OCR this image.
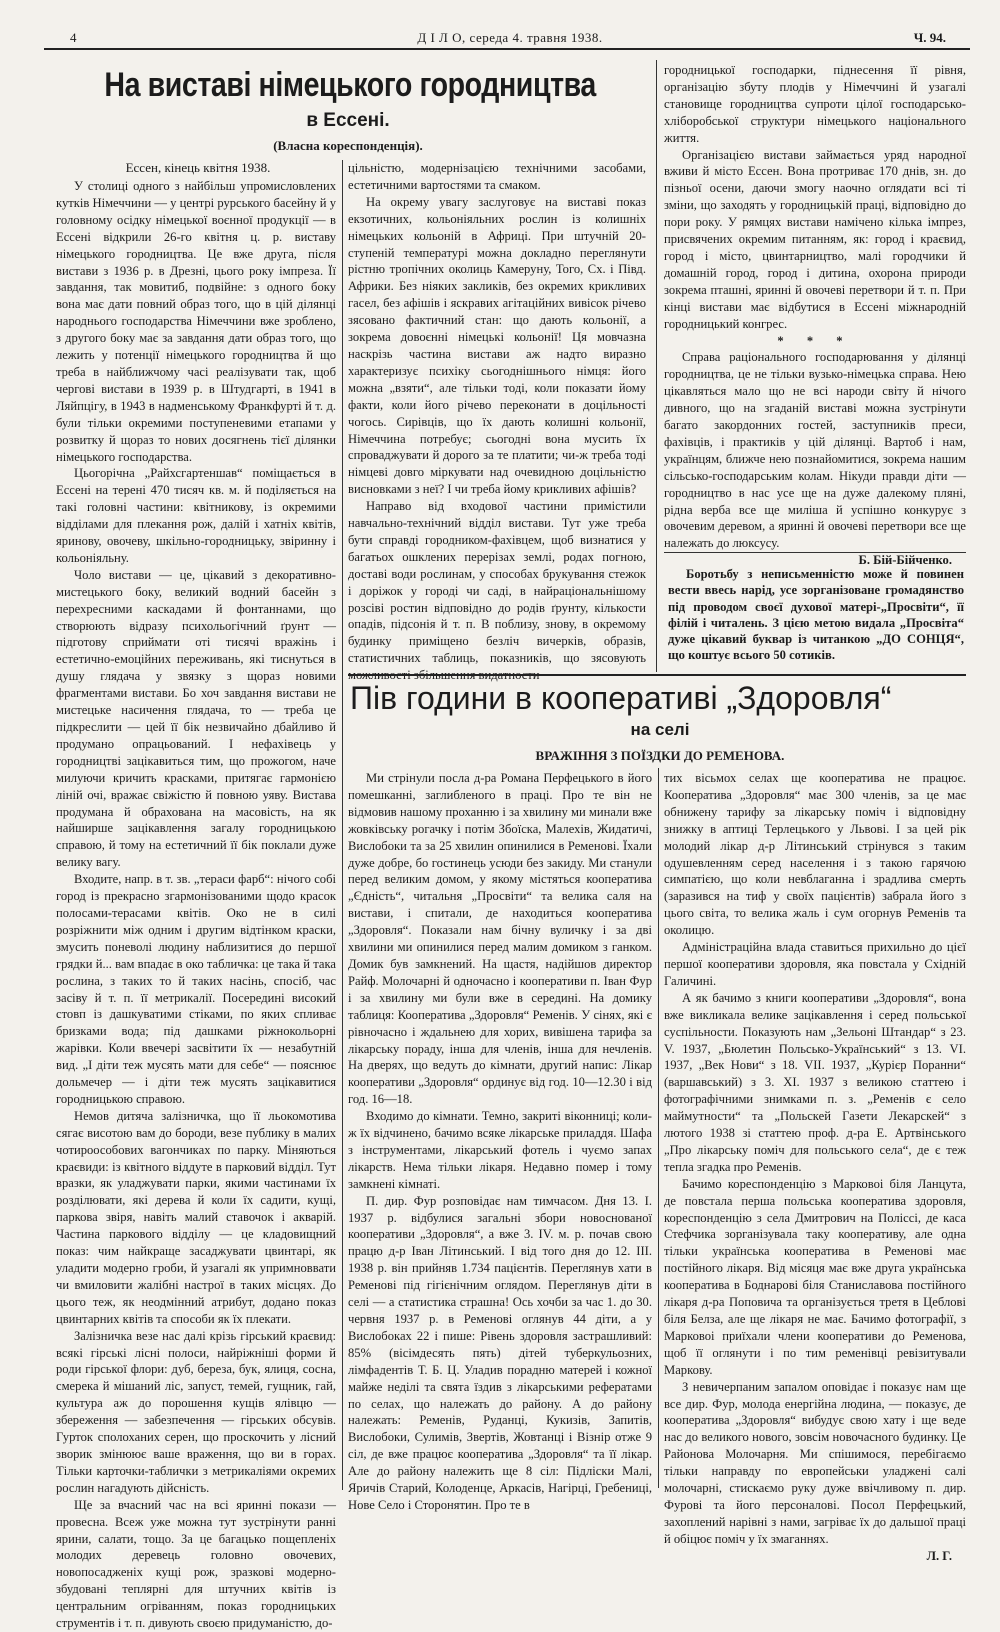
4	Д І Л О, середа 4. травня 1938.	Ч. 94.
На виставі німецького городництва
в Ессені.
(Власна кореспонденція).
Ессен, кінець квітня 1938.

У столиці одного з найбільш упромисловлених кутків Німеччини — у центрі рурського басейну й у головному осідку німецької воєнної продукції — в Ессені відкрили 26-го квітня ц. р. виставу німецького городництва. Це вже друга, після вистави з 1936 р. в Дрезні, цього року імпреза. Її завдання, так мовитиб, подвійне: з одного боку вона має дати повний образ того, що в цій ділянці народнього господарства Німеччини вже зроблено, з другого боку має за завдання дати образ того, що лежить у потенції німецького городництва й що треба в найближчому часі реалізувати так, щоб чергові вистави в 1939 р. в Штудгарті, в 1941 в Ляйпцігу, в 1943 в надменському Франкфурті й т. д. були тільки окремими поступеневими етапами у розвитку й щораз то нових досягнень тієї ділянки німецького господарства.

Цьогорічна „Райхсгартеншав“ поміщається в Ессені на терені 470 тисяч кв. м. й поділяється на такі головні частини: квітникову, із окремими відділами для плекання рож, далій і хатніх квітів, яринову, овочеву, шкільно-городницьку, звіринну і кольоніяльну.

Чоло вистави — це, цікавий з декоративно-мистецького боку, великий водний басейн з перехресними каскадами й фонтаннами, що створюють відразу психольогічний ґрунт — підготову сприймати оті тисячі вражінь і естетично-емоційних переживань, які тиснуться в душу глядача у звязку з щораз новими фрагментами вистави. Бо хоч завдання вистави не мистецьке насичення глядача, то — треба це підкреслити — цей її бік незвичайно дбайливо й продумано опрацьований. І нефахівець у городництві зацікавиться тим, що прожогом, наче милуючи кричить красками, притягає гармонією ліній очі, вражає свіжістю й повною уяву. Вистава продумана й обрахована на масовість, на як найширше зацікавлення загалу городницькою справою, й тому на естетичний її бік поклали дуже велику вагу.

Входите, напр. в т. зв. „тераси фарб“: нічого собі город із прекрасно згармонізованими щодо красок полосами-терасами квітів. Око не в силі розріжнити між одним і другим відтінком краски, змусить поневолі людину наблизитися до першої грядки й... вам впадає в око табличка: це така й така рослина, з таких то й таких насінь, спосіб, час засіву й т. п. її метрикалії. Посередині високий стовп із дашкуватими стіками, по яких спливає бризками вода; під дашками ріжнокольорні жарівки. Коли ввечері засвітити їх — незабутній вид. „І діти теж мусять мати для себе“ — пояснює дольмечер — і діти теж мусять зацікавитися городницькою справою.

Немов дитяча залізничка, що її льокомотива сягає висотою вам до бороди, везе публику в малих чотироособових вагончиках по парку. Міняються краєвиди: із квітного віддуте в парковий відділ. Тут вразки, як уладжувати парки, якими частинами їх розділювати, які дерева й коли їх садити, кущі, паркова звіря, навіть малий ставочок і акварій. Частина паркового відділу — це кладовищний показ: чим найкраще засаджувати цвинтарі, як уладити модерно гроби, й узагалі як упримноввати чи вмиловити жалібні настрої в таких місцях. До цього теж, як неодмінний атрибут, додано показ цвинтарних квітів та способи як їх плекати.

Залізничка везе нас далі крізь гірський краєвид: всякі гірські лісні полоси, найріжніші форми й роди гірської флори: дуб, береза, бук, ялиця, сосна, смерека й мішаний ліс, запуст, темей, гущник, гай, культура аж до порошення кущів ялівцю — збереження — забезпечення — гірських обсувів. Гурток сполоханих серен, що проскочить у лісний зворик змінюює ваше враження, що ви в горах. Тільки карточки-таблички з метрикаліями окремих рослин нагадують дійсність.

Ще за вчасний час на всі яринні покази — провесна. Всеж уже можна тут зустрінути ранні ярини, салати, тощо. За це багацько пощепленіх молодих деревець головно овочевих, новопосадженіх кущі рож, зразкові модерно-збудовані теплярні для штучних квітів із центральним огріванням, показ городницьких струментів і т. п. дивують своєю придуманістю, до-

цільністю, модернізацією технічними засобами, естетичними вартостями та смаком.

На окрему увагу заслуговує на виставі показ екзотичних, кольоніяльних рослин із колишніх німецьких кольоній в Африці. При штучній 20-ступеній температурі можна докладно переглянути рістню тропічних околиць Камеруну, Того, Сх. і Півд. Африки. Без ніяких закликів, без окремих крикливих гасел, без афішів і яскравих агітаційних вивісок річево зясовано фактичний стан: що дають кольонії, а зокрема довоєнні німецькі кольонії! Ця мовчазна наскрізь частина вистави аж надто виразно характеризує психіку сьогоднішнього німця: його можна „взяти“, але тільки тоді, коли показати йому факти, коли його річево переконати в доцільності чогось. Сирівців, що їх дають колишні кольонії, Німеччина потребує; сьогодні вона мусить їх спроваджувати й дорого за те платити; чи-ж треба тоді німцеві довго міркувати над очевидною доцільністю висновками з неї? І чи треба йому крикливих афішів?

Направо від входової частини примістили навчально-технічний відділ вистави. Тут уже треба бути справді городником-фахівцем, щоб визнатися у багатьох ошклених перерізах землі, родах погною, доставі води рослинам, у способах брукування стежок і доріжок у городі чи саді, в найраціональнішому розсіві ростин відповідно до родів ґрунту, кількости опадів, підсонія й т. п. В поблизу, знову, в окремому будинку приміщено безліч вичерків, образів, статистичних таблиць, показників, що зясовують можливості збільшення видатности

городницької господарки, піднесення її рівня, організацію збуту плодів у Німеччині й узагалі становище городництва супроти цілої господарсько-хліборобської структури німецького національного життя.

Організацією вистави займається уряд народної вживи й місто Ессен. Вона протриває 170 днів, зн. до пізньої осени, даючи змогу наочно оглядати всі ті зміни, що заходять у городницькій праці, відповідно до пори року. У рямцях вистави намічено кілька імпрез, присвячених окремим питанням, як: город і краєвид, город і місто, цвинтарництво, малі городчики й домашній город, город і дитина, охорона природи зокрема пташні, яринні й овочеві перетвори й т. п. При кінці вистави має відбутися в Ессені міжнародній городницький конгрес.

* * *

Справа раціонального господарювання у ділянці городництва, це не тільки вузько-німецька справа. Нею цікавляться мало що не всі народи світу й нічого дивного, що на згаданій виставі можна зустрінути багато закордонних гостей, заступників преси, фахівців, і практиків у цій ділянці. Вартоб і нам, українцям, ближче нею познайомитися, зокрема нашим сільсько-господарським колам. Нікуди правди діти — городництво в нас усе ще на дуже далекому пляні, рідна верба все ще миліша й успішно конкурує з овочевим деревом, а яринні й овочеві перетвори все ще належать до люксусу.

Б. Бій-Бійченко.

Боротьбу з неписьменністю може й повинен вести ввесь нарід, усе зорганізоване громадянство під проводом своєї духової матері-„Просвіти“, її філій і читалень. З цією метою видала „Просвіта“ дуже цікавий буквар із читанкою „ДО СОНЦЯ“, що коштує всього 50 сотиків.

Пів години в кооперативі „Здоровля“
на селі
ВРАЖІННЯ З ПОЇЗДКИ ДО РЕМЕНОВА.

Ми стрінули посла д-ра Романа Перфецького в його помешканні, заглибленого в праці. Про те він не відмовив нашому проханню і за хвилину ми минали вже жовківську рогачку і потім Збоїска, Малехів, Жидатичі, Вислобоки та за 25 хвилин опинилися в Ременові. Їхали дуже добре, бо гостинець усюди без закиду. Ми станули перед великим домом, у якому містяться кооператива „Єдність“, читальня „Просвіти“ та велика саля на вистави, і спитали, де находиться кооператива „Здоровля“. Показали нам бічну вуличку і за дві хвилини ми опинилися перед малим домиком з ганком. Домик був замкнений. На щастя, надійшов директор Райф. Молочарні й одночасно і кооперативи п. Іван Фур і за хвилину ми були вже в середині. На домику таблиця: Кооператива „Здоровля“ Ременів. У сінях, які є рівночасно і ждальнею для хорих, вивішена тарифа за лікарську пораду, інша для членів, інша для нечленів. На дверях, що ведуть до кімнати, другий напис: Лікар кооперативи „Здоровля“ ординує від год. 10—12.30 і від год. 16—18.

Входимо до кімнати. Темно, закриті віконниці; коли-ж їх відчинено, бачимо всяке лікарське приладдя. Шафа з інструментами, лікарський фотель і чуємо запах лікарств. Нема тільки лікаря. Недавно помер і тому замкнені кімнаті.

П. дир. Фур розповідає нам тимчасом. Дня 13. І. 1937 р. відбулися загальні збори новоснованої кооперативи „Здоровля“, а вже 3. IV. м. р. почав свою працю д-р Іван Літинський. І від того дня до 12. III. 1938 р. він прийняв 1.734 пацієнтів. Переглянув хати в Ременові під гігієнічним оглядом. Переглянув діти в селі — а статистика страшна! Ось хочби за час 1. до 30. червня 1937 р. в Ременові оглянув 44 діти, а у Вислобоках 22 і пише: Рівень здоровля застрашливий: 85% (вісімдесять пять) дітей туберкульозних, лімфадентів Т. Б. Ц. Уладив порадню матерей і кожної майже неділі та свята їздив з лікарськими рефератами по селах, що належать до району. А до району належать: Ременів, Руданці, Кукизів, Запитів, Вислобоки, Сулимів, Звертів, Жовтанці і Візнір отже 9 сіл, де вже працює кооператива „Здоровля“ та її лікар. Але до району належить ще 8 сіл: Підліски Малі, Яричів Старий, Колоденце, Аркасів, Нагірці, Гребениці, Нове Село і Сторонятин. Про те в

тих вісьмох селах ще кооператива не працює. Кооператива „Здоровля“ має 300 членів, за це має обнижену тарифу за лікарську поміч і відповідну знижку в аптиці Терлецького у Львові. І за цей рік молодий лікар д-р Літинський стрінувся з таким одушевленням серед населення і з такою гарячою симпатією, що коли невблаганна і зрадлива смерть (заразився на тиф у своїх пацієнтів) забрала його з цього світа, то велика жаль і сум огорнув Ременів та околицю.

Адміністраційна влада ставиться прихильно до цієї першої кооперативи здоровля, яка повстала у Східній Галичині.

А як бачимо з книги кооперативи „Здоровля“, вона вже викликала велике зацікавлення і серед польської суспільности. Показують нам „Зельоні Штандар“ з 23. V. 1937, „Бюлетин Польсько-Український“ з 13. VI. 1937, „Век Нови“ з 18. VII. 1937, „Курієр Поранни“ (варшавський) з 3. XI. 1937 з великою статтею і фотографічними знимками п. з. „Ременів є село маймутности“ та „Польскей Газети Лекарскей“ з лютого 1938 зі статтею проф. д-ра Е. Артвінського „Про лікарську поміч для польського села“, де є теж тепла згадка про Ременів.

Бачимо кореспонденцію з Марковоі біля Ланцута, де повстала перша польська кооператива здоровля, кореспонденцію з села Дмитрович на Поліссі, де каса Стефчика зорганізувала таку кооперативу, але одна тільки українська кооператива в Ременові має постійного лікаря. Від місяця має вже друга українська кооператива в Боднарові біля Станиславова постійного лікаря д-ра Поповича та організується третя в Цеблові біля Белза, але ще лікаря не має. Бачимо фотографії, з Марковоі приїхали члени кооперативи до Ременова, щоб її оглянути і по тим ременівці ревізитували Маркову.

З невичерпаним запалом оповідає і показує нам ще все дир. Фур, молода енергійна людина, — показує, де кооператива „Здоровля“ вибудує свою хату і ще веде нас до великого нового, зовсім новочасного будинку. Це Районова Молочарня. Ми спішимося, перебігаємо тільки направду по европейськи уладжені салі молочарні, стискаємо руку дуже ввічливому п. дир. Фурові та його персоналові. Посол Перфецький, захоплений нарівні з нами, загріває їх до дальшої праці й обіцює поміч у їх змаганнях.

Л. Г.
